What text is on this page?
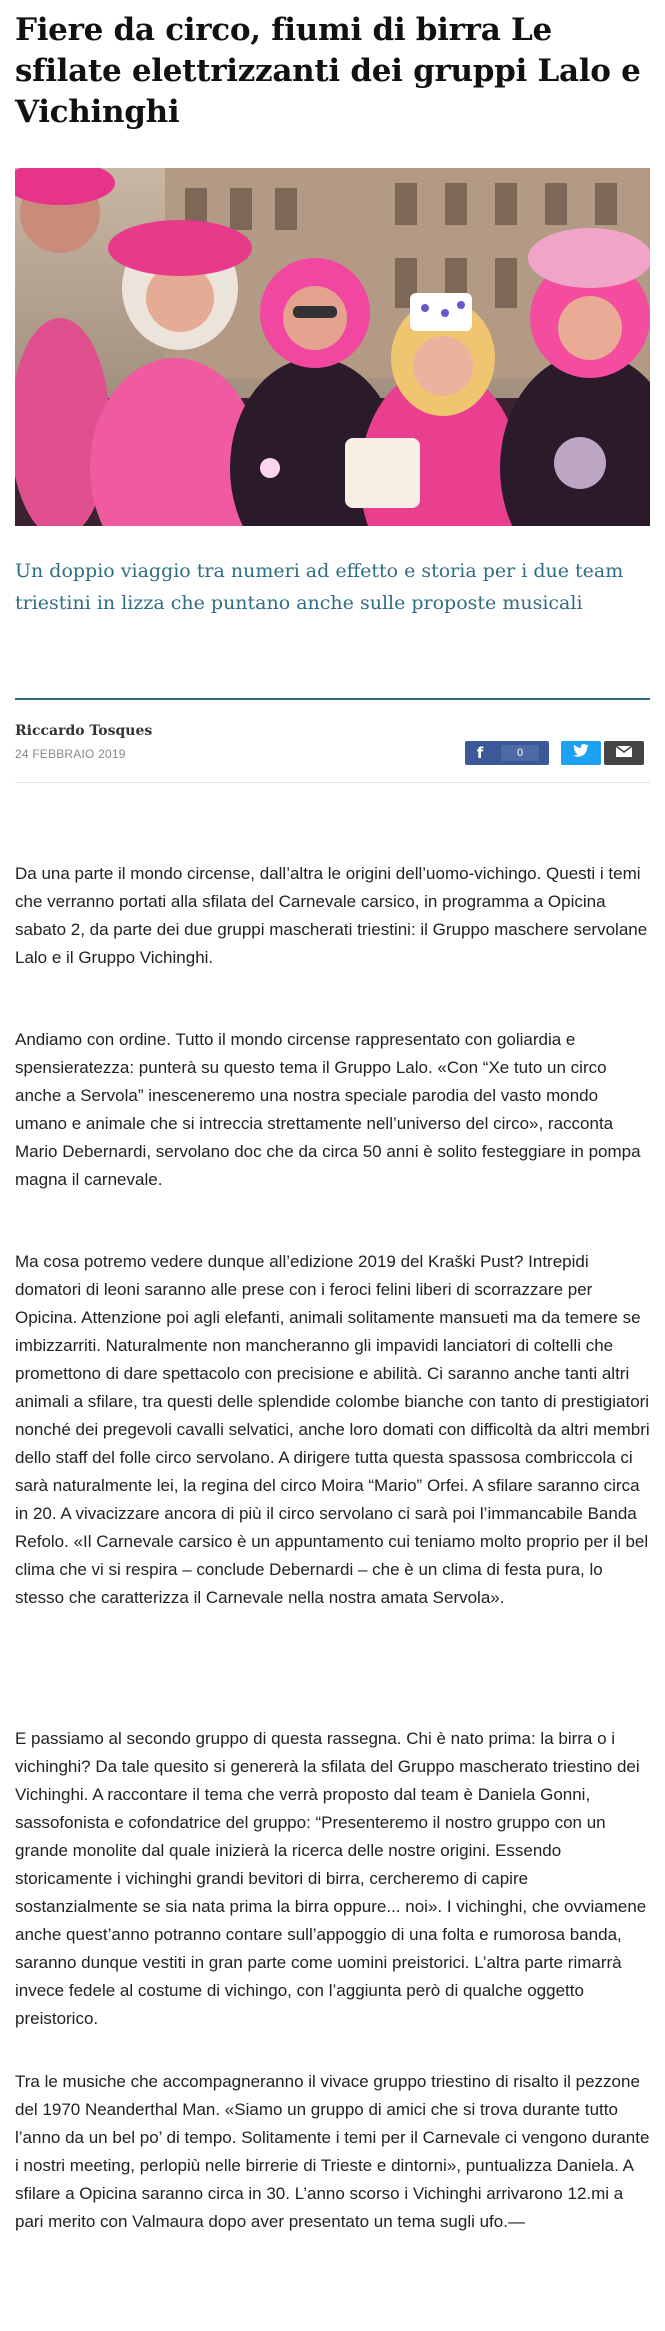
Fiere da circo, fiumi di birra Le sfilate elettrizzanti dei gruppi Lalo e Vichinghi

Un doppio viaggio tra numeri ad effetto e storia per i due team triestini in lizza che puntano anche sulle proposte musicali

Riccardo Tosques
24 FEBBRAIO 2019	f	0

Da una parte il mondo circense, dall’altra le origini dell’uomo-vichingo. Questi i temi che verranno portati alla sfilata del Carnevale carsico, in programma a Opicina sabato 2, da parte dei due gruppi mascherati triestini: il Gruppo maschere servolane Lalo e il Gruppo Vichinghi.

Andiamo con ordine. Tutto il mondo circense rappresentato con goliardia e spensieratezza: punterà su questo tema il Gruppo Lalo. «Con “Xe tuto un circo anche a Servola” inesceneremo una nostra speciale parodia del vasto mondo umano e animale che si intreccia strettamente nell’universo del circo», racconta Mario Debernardi, servolano doc che da circa 50 anni è solito festeggiare in pompa magna il carnevale.

Ma cosa potremo vedere dunque all’edizione 2019 del Kraški Pust? Intrepidi domatori di leoni saranno alle prese con i feroci felini liberi di scorrazzare per Opicina. Attenzione poi agli elefanti, animali solitamente mansueti ma da temere se imbizzarriti. Naturalmente non mancheranno gli impavidi lanciatori di coltelli che promettono di dare spettacolo con precisione e abilità. Ci saranno anche tanti altri animali a sfilare, tra questi delle splendide colombe bianche con tanto di prestigiatori nonché dei pregevoli cavalli selvatici, anche loro domati con difficoltà da altri membri dello staff del folle circo servolano. A dirigere tutta questa spassosa combriccola ci sarà naturalmente lei, la regina del circo Moira “Mario” Orfei. A sfilare saranno circa in 20. A vivacizzare ancora di più il circo servolano ci sarà poi l’immancabile Banda Refolo. «Il Carnevale carsico è un appuntamento cui teniamo molto proprio per il bel clima che vi si respira – conclude Debernardi – che è un clima di festa pura, lo stesso che caratterizza il Carnevale nella nostra amata Servola».

E passiamo al secondo gruppo di questa rassegna. Chi è nato prima: la birra o i vichinghi? Da tale quesito si genererà la sfilata del Gruppo mascherato triestino dei Vichinghi. A raccontare il tema che verrà proposto dal team è Daniela Gonni, sassofonista e cofondatrice del gruppo: “Presenteremo il nostro gruppo con un grande monolite dal quale inizierà la ricerca delle nostre origini. Essendo storicamente i vichinghi grandi bevitori di birra, cercheremo di capire sostanzialmente se sia nata prima la birra oppure... noi». I vichinghi, che ovviamene anche quest’anno potranno contare sull’appoggio di una folta e rumorosa banda, saranno dunque vestiti in gran parte come uomini preistorici. L’altra parte rimarrà invece fedele al costume di vichingo, con l’aggiunta però di qualche oggetto preistorico.

Tra le musiche che accompagneranno il vivace gruppo triestino di risalto il pezzone del 1970 Neanderthal Man. «Siamo un gruppo di amici che si trova durante tutto l’anno da un bel po’ di tempo. Solitamente i temi per il Carnevale ci vengono durante i nostri meeting, perlopiù nelle birrerie di Trieste e dintorni», puntualizza Daniela. A sfilare a Opicina saranno circa in 30. L’anno scorso i Vichinghi arrivarono 12.mi a pari merito con Valmaura dopo aver presentato un tema sugli ufo.—
